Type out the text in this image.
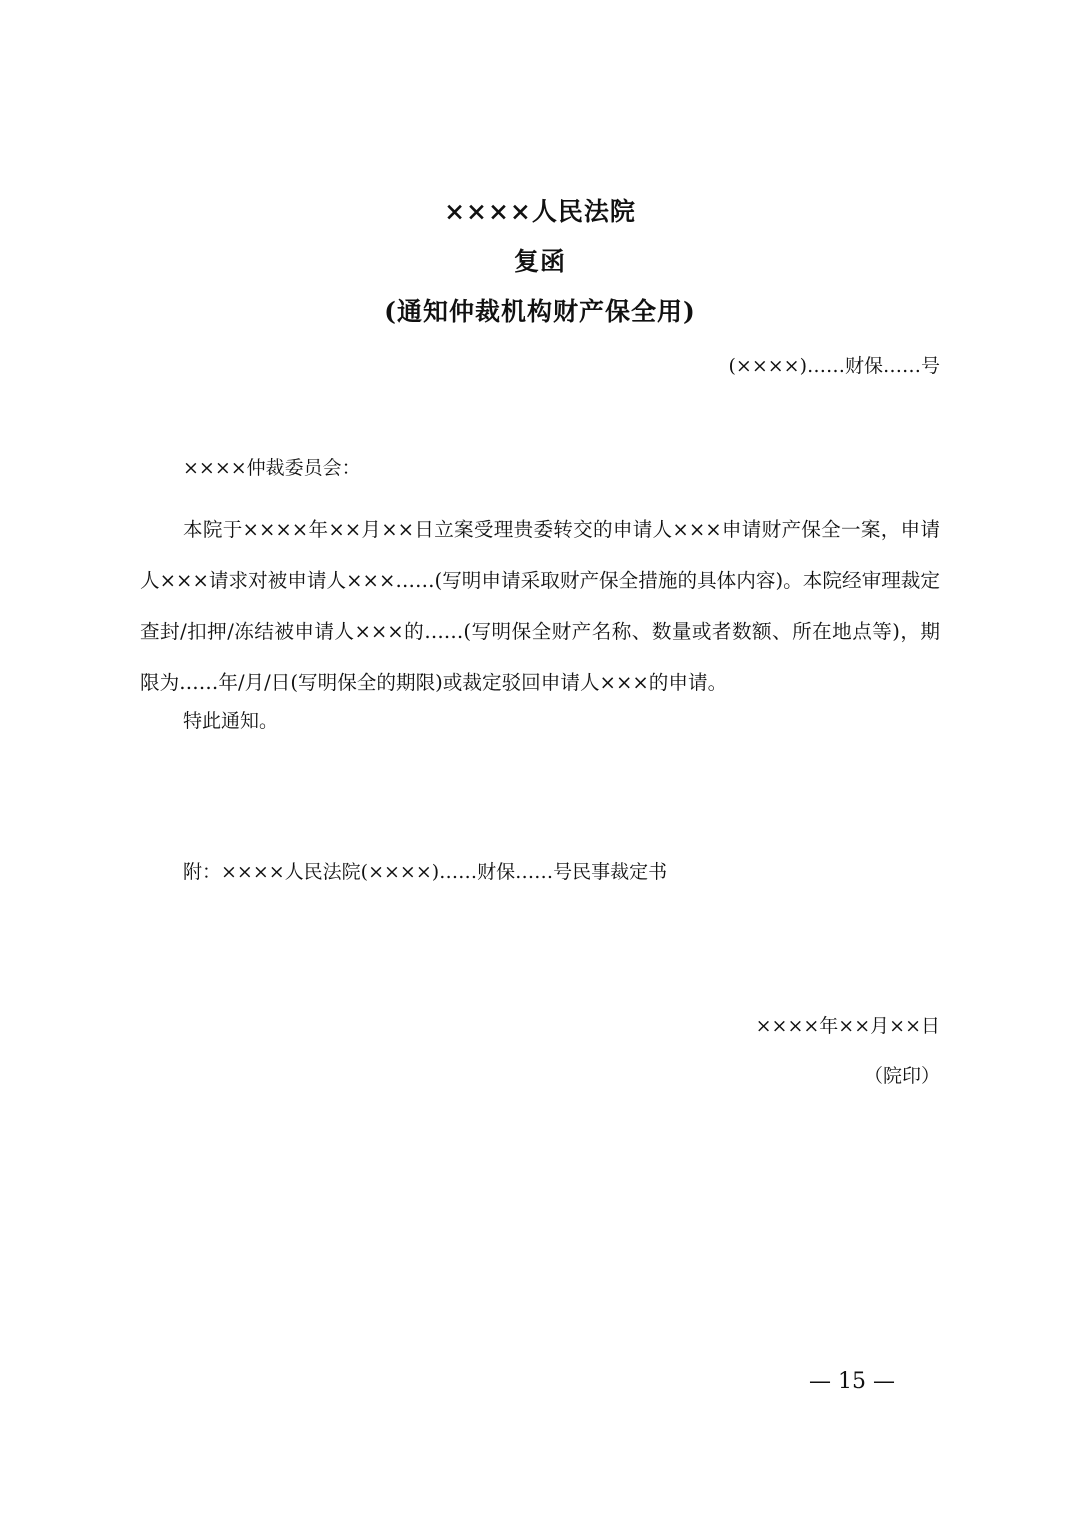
××××人民法院
复函
(通知仲裁机构财产保全用)
(××××)……财保……号
××××仲裁委员会：

本院于××××年××月××日立案受理贵委转交的申请人×××申请财产保全一案，申请人×××请求对被申请人×××……(写明申请采取财产保全措施的具体内容)。本院经审理裁定查封/扣押/冻结被申请人×××的……(写明保全财产名称、数量或者数额、所在地点等)，期限为……年/月/日(写明保全的期限)或裁定驳回申请人×××的申请。

特此通知。
附：××××人民法院(××××)……财保……号民事裁定书
××××年××月××日
（院印）
— 15 —
